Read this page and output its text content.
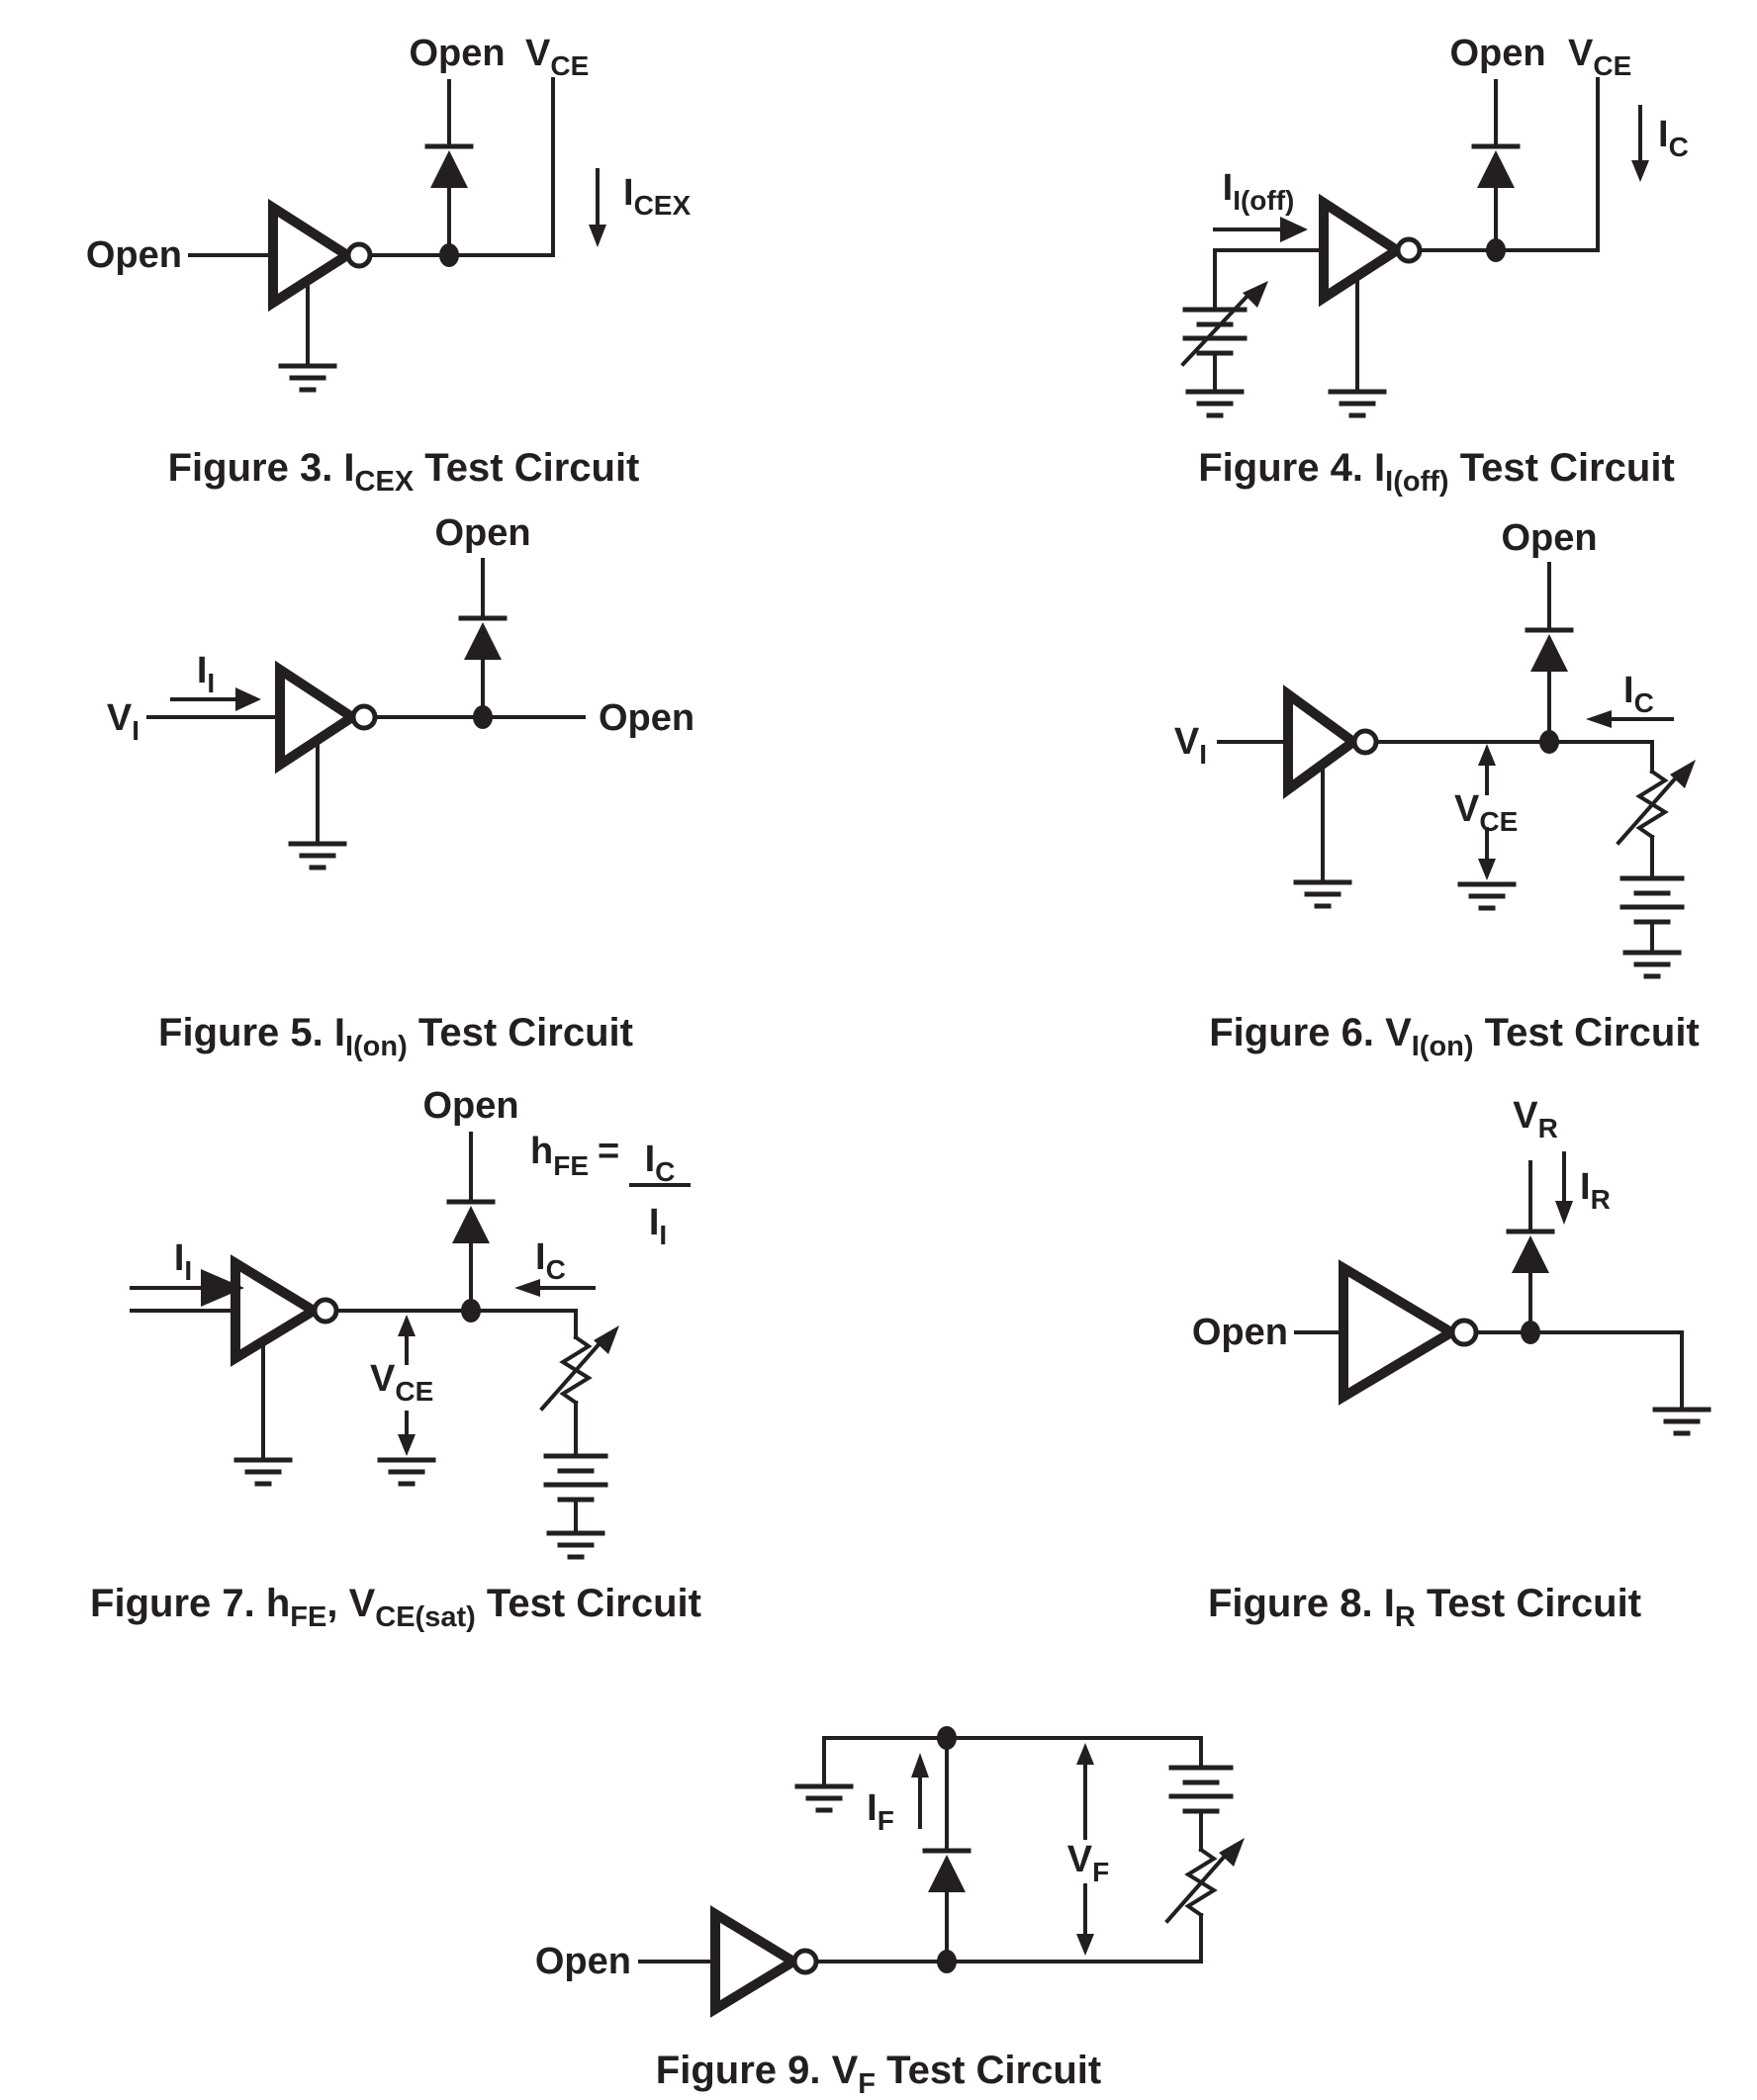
Open
Open $V_{CE}$
$I_{CEX}$
Figure 3. $I_{CEX}$ Test Circuit
$I_{I(off)}$
Open $V_{CE}$
$I_C$
Figure 4. $I_{I(off)}$ Test Circuit
$V_I$
$I_I$
Open
Open
Figure 5. $I_{I(on)}$ Test Circuit
$V_I$
Open
$V_{CE}$
$I_C$
Figure 6. $V_{I(on)}$ Test Circuit
$I_I$
Open
$V_{CE}$
$I_C$
$h_{FE} = I_C$
$I_I$
Figure 7. $h_{FE}$, $V_{CE(sat)}$ Test Circuit
Open
$V_R$
$I_R$
Figure 8. $I_R$ Test Circuit
Open
$I_F$
$V_F$
Figure 9. $V_F$ Test Circuit
